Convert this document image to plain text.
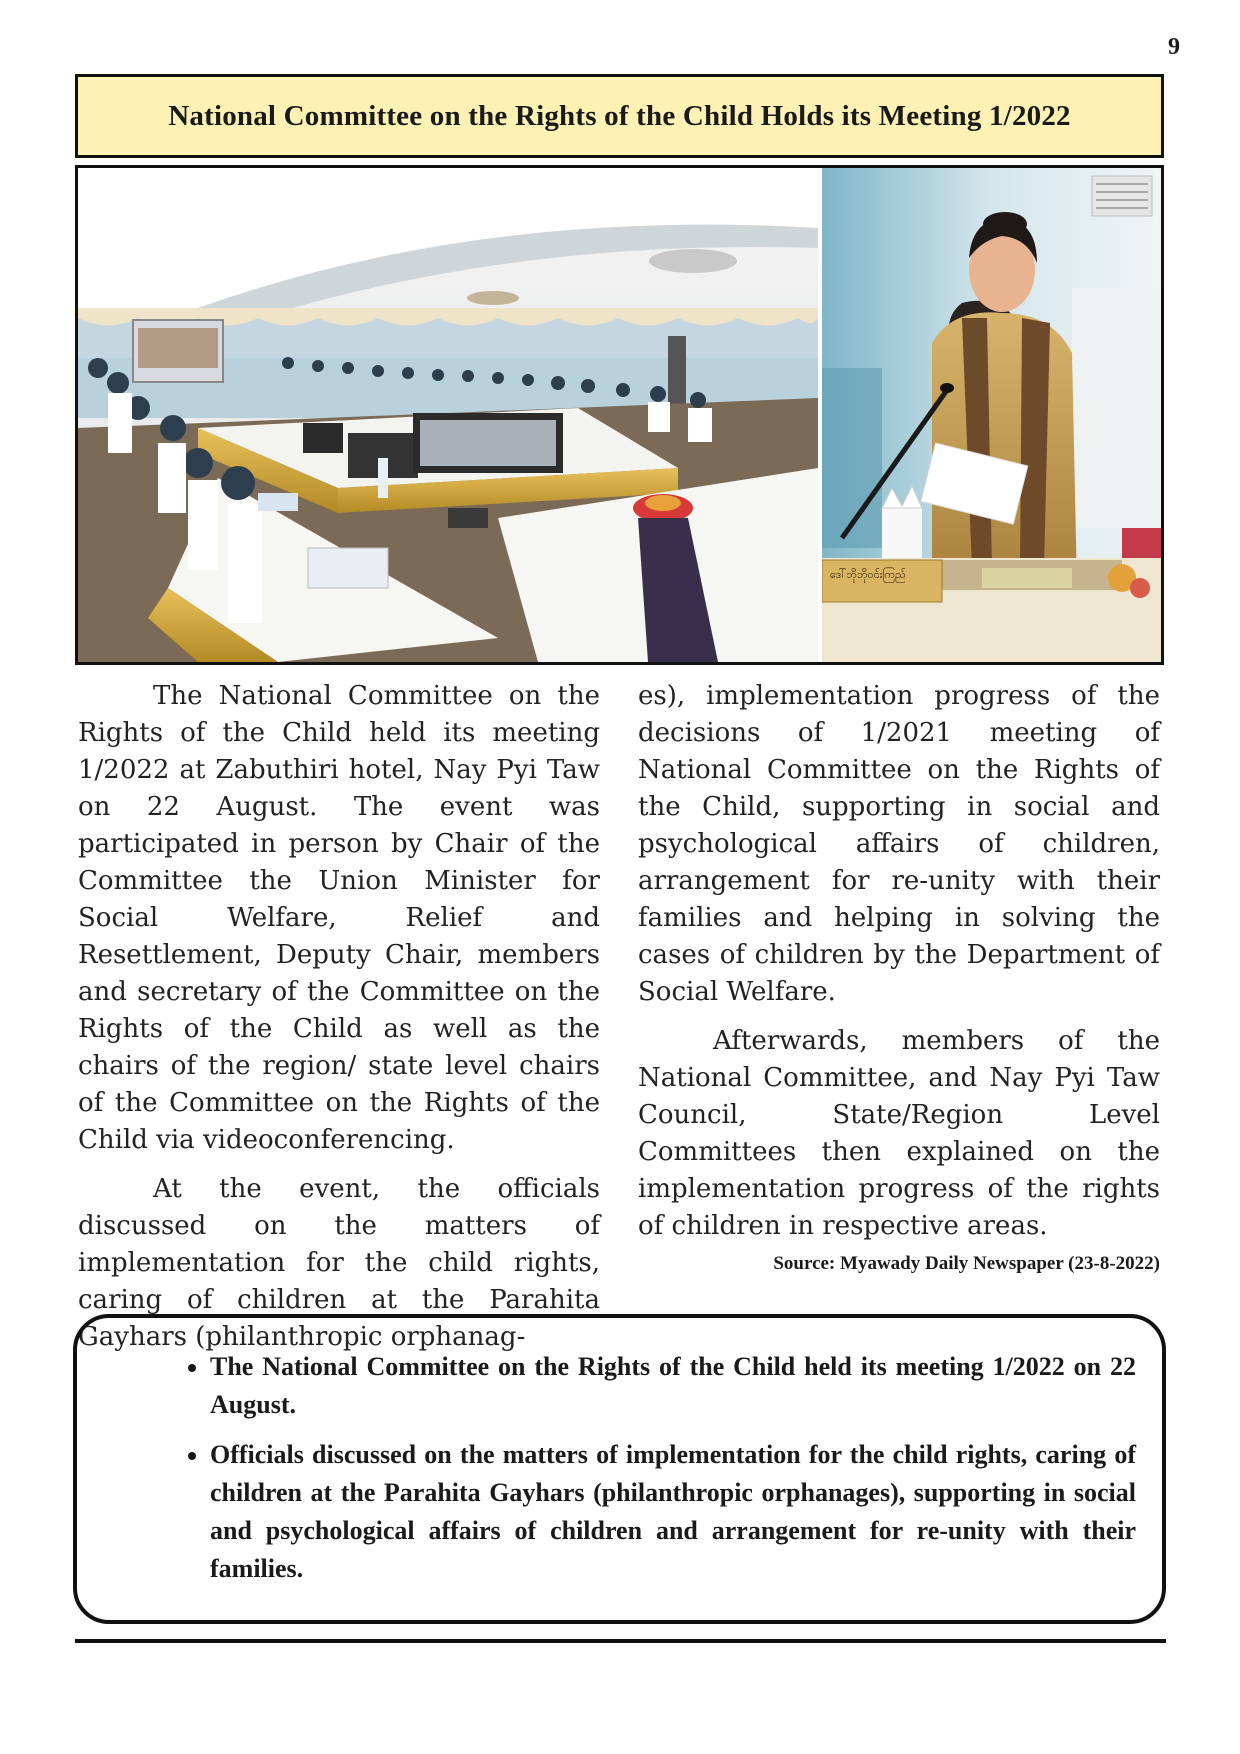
9
National Committee on the Rights of the Child Holds its Meeting 1/2022
ဒေါ်ဘိုဘိုဝင်းကြည်

The National Committee on the Rights of the Child held its meeting 1/2022 at Zabuthiri hotel, Nay Pyi Taw on 22 August. The event was participated in person by Chair of the Committee the Union Minister for Social Welfare, Relief and Resettlement, Deputy Chair, members and secretary of the Committee on the Rights of the Child as well as the chairs of the region/ state level chairs of the Committee on the Rights of the Child via videoconferencing.

At the event, the officials discussed on the matters of implementation for the child rights, caring of children at the Parahita Gayhars (philanthropic orphanag-

es), implementation progress of the decisions of 1/2021 meeting of National Committee on the Rights of the Child, supporting in social and psychological affairs of children, arrangement for re-unity with their families and helping in solving the cases of children by the Department of Social Welfare.

Afterwards, members of the National Committee, and Nay Pyi Taw Council, State/Region Level Committees then explained on the implementation progress of the rights of children in respective areas.

Source: Myawady Daily Newspaper (23-8-2022)
• The National Committee on the Rights of the Child held its meeting 1/2022 on 22 August.
• Officials discussed on the matters of implementation for the child rights, caring of children at the Parahita Gayhars (philanthropic orphanages), supporting in social and psychological affairs of children and arrangement for re-unity with their families.
